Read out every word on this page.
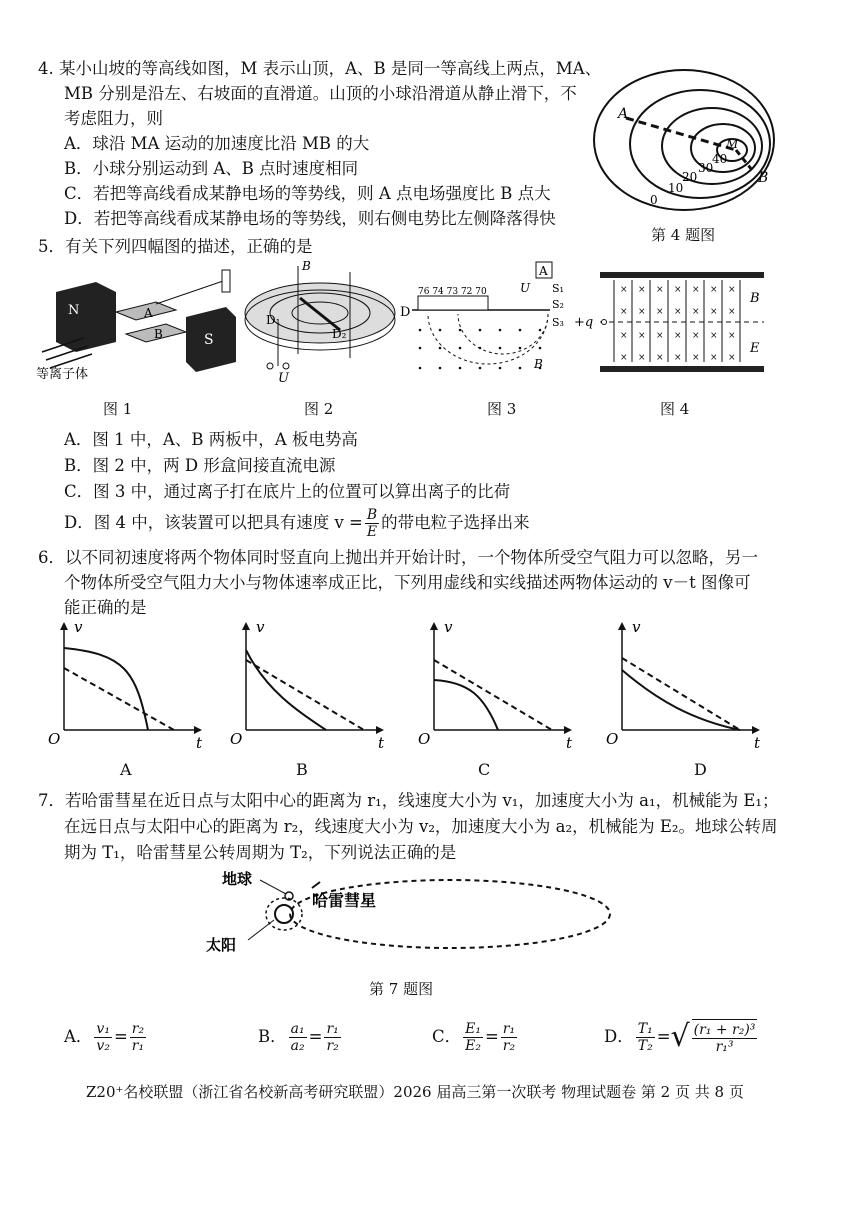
4. 某小山坡的等高线如图，M 表示山顶，A、B 是同一等高线上两点，MA、
MB 分别是沿左、右坡面的直滑道。山顶的小球沿滑道从静止滑下，不
考虑阻力，则
A．球沿 MA 运动的加速度比沿 MB 的大
B．小球分别运动到 A、B 点时速度相同
C．若把等高线看成某静电场的等势线，则 A 点电场强度比 B 点大
D．若把等高线看成某静电场的等势线，则右侧电势比左侧降落得快
A
B
M
0
10
20
30
40
第 4 题图
5．有关下列四幅图的描述，正确的是
N
S
A
B
等离子体
图 1
B
D₁
D₂
U
图 2
76 74 73 72 70
D
A
U S₁
S₂
S₃
B
图 3
× × × × × × ×
× × × × × × ×
× × × × × × ×
× × × × × × ×
+q
B
E
图 4
A．图 1 中，A、B 两板中，A 板电势高
B．图 2 中，两 D 形盒间接直流电源
C．图 3 中，通过离子打在底片上的位置可以算出离子的比荷
D．图 4 中，该装置可以把具有速度 $v = \frac{B}{E}$ 的带电粒子选择出来
6．以不同初速度将两个物体同时竖直向上抛出并开始计时，一个物体所受空气阻力可以忽略，另一
个物体所受空气阻力大小与物体速率成正比，下列用虚线和实线描述两物体运动的 v－t 图像可
能正确的是
v
t
O
A
v
t
O
B
v
t
O
C
v
t
O
D
7．若哈雷彗星在近日点与太阳中心的距离为 r₁，线速度大小为 v₁，加速度大小为 a₁，机械能为 E₁；
在远日点与太阳中心的距离为 r₂，线速度大小为 v₂，加速度大小为 a₂，机械能为 E₂。地球公转周
期为 T₁，哈雷彗星公转周期为 T₂，下列说法正确的是
地球
哈雷彗星
太阳
第 7 题图
A． $\frac{\text{v₁}}{\text{v₂}} = \frac{\text{r₂}}{\text{r₁}}$	B． $\frac{\text{a₁}}{\text{a₂}} = \frac{\text{r₁}}{\text{r₂}}$	C． $\frac{\text{E₁}}{\text{E₂}} = \frac{\text{r₁}}{\text{r₂}}$	D． $\frac{\text{T₁}}{\text{T₂}}$ = √ $\frac{\text{(r₁ + r₂)³}}{\text{r₁³}}$
Z20⁺名校联盟（浙江省名校新高考研究联盟）2026 届高三第一次联考 物理试题卷 第 2 页 共 8 页
